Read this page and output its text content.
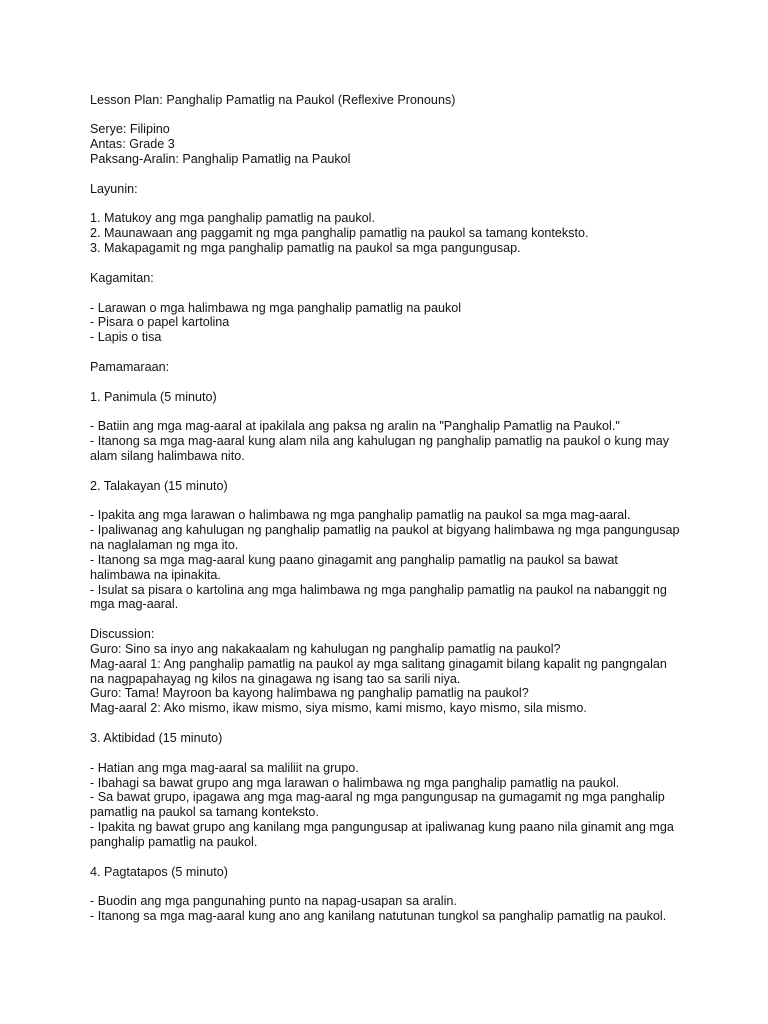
Lesson Plan: Panghalip Pamatlig na Paukol (Reflexive Pronouns)
Serye: Filipino
Antas: Grade 3
Paksang-Aralin: Panghalip Pamatlig na Paukol
Layunin:
1. Matukoy ang mga panghalip pamatlig na paukol.
2. Maunawaan ang paggamit ng mga panghalip pamatlig na paukol sa tamang konteksto.
3. Makapagamit ng mga panghalip pamatlig na paukol sa mga pangungusap.
Kagamitan:
- Larawan o mga halimbawa ng mga panghalip pamatlig na paukol
- Pisara o papel kartolina
- Lapis o tisa
Pamamaraan:
1. Panimula (5 minuto)
- Batiin ang mga mag-aaral at ipakilala ang paksa ng aralin na "Panghalip Pamatlig na Paukol."
- Itanong sa mga mag-aaral kung alam nila ang kahulugan ng panghalip pamatlig na paukol o kung may
alam silang halimbawa nito.
2. Talakayan (15 minuto)
- Ipakita ang mga larawan o halimbawa ng mga panghalip pamatlig na paukol sa mga mag-aaral.
- Ipaliwanag ang kahulugan ng panghalip pamatlig na paukol at bigyang halimbawa ng mga pangungusap
na naglalaman ng mga ito.
- Itanong sa mga mag-aaral kung paano ginagamit ang panghalip pamatlig na paukol sa bawat
halimbawa na ipinakita.
- Isulat sa pisara o kartolina ang mga halimbawa ng mga panghalip pamatlig na paukol na nabanggit ng
mga mag-aaral.
Discussion:
Guro: Sino sa inyo ang nakakaalam ng kahulugan ng panghalip pamatlig na paukol?
Mag-aaral 1: Ang panghalip pamatlig na paukol ay mga salitang ginagamit bilang kapalit ng pangngalan
na nagpapahayag ng kilos na ginagawa ng isang tao sa sarili niya.
Guro: Tama! Mayroon ba kayong halimbawa ng panghalip pamatlig na paukol?
Mag-aaral 2: Ako mismo, ikaw mismo, siya mismo, kami mismo, kayo mismo, sila mismo.
3. Aktibidad (15 minuto)
- Hatian ang mga mag-aaral sa maliliit na grupo.
- Ibahagi sa bawat grupo ang mga larawan o halimbawa ng mga panghalip pamatlig na paukol.
- Sa bawat grupo, ipagawa ang mga mag-aaral ng mga pangungusap na gumagamit ng mga panghalip
pamatlig na paukol sa tamang konteksto.
- Ipakita ng bawat grupo ang kanilang mga pangungusap at ipaliwanag kung paano nila ginamit ang mga
panghalip pamatlig na paukol.
4. Pagtatapos (5 minuto)
- Buodin ang mga pangunahing punto na napag-usapan sa aralin.
- Itanong sa mga mag-aaral kung ano ang kanilang natutunan tungkol sa panghalip pamatlig na paukol.
